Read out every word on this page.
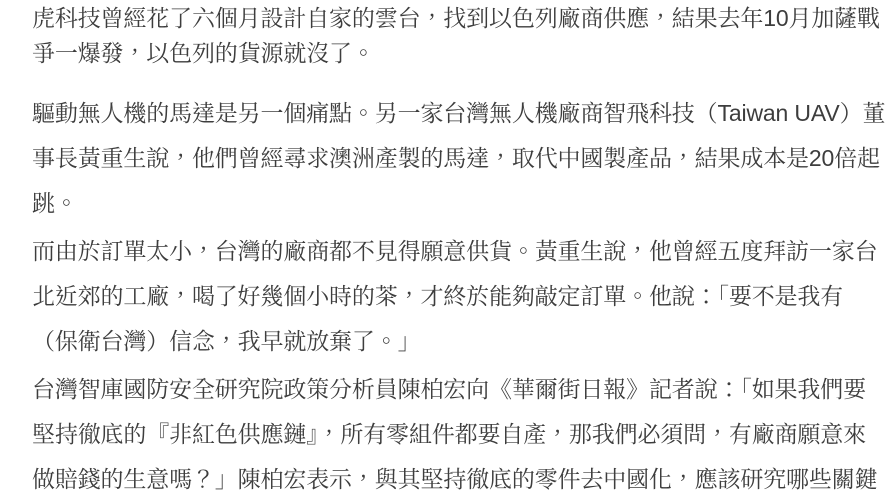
虎科技曾經花了六個月設計自家的雲台，找到以色列廠商供應，結果去年10月加薩戰
爭一爆發，以色列的貨源就沒了。

驅動無人機的馬達是另一個痛點。另一家台灣無人機廠商智飛科技（Taiwan UAV）董
事長黃重生說，他們曾經尋求澳洲產製的馬達，取代中國製產品，結果成本是20倍起
跳。

而由於訂單太小，台灣的廠商都不見得願意供貨。黃重生說，他曾經五度拜訪一家台
北近郊的工廠，喝了好幾個小時的茶，才終於能夠敲定訂單。他說：「要不是我有
（保衛台灣）信念，我早就放棄了。」

台灣智庫國防安全研究院政策分析員陳柏宏向《華爾街日報》記者說：「如果我們要
堅持徹底的『非紅色供應鏈』，所有零組件都要自產，那我們必須問，有廠商願意來
做賠錢的生意嗎？」陳柏宏表示，與其堅持徹底的零件去中國化，應該研究哪些關鍵
